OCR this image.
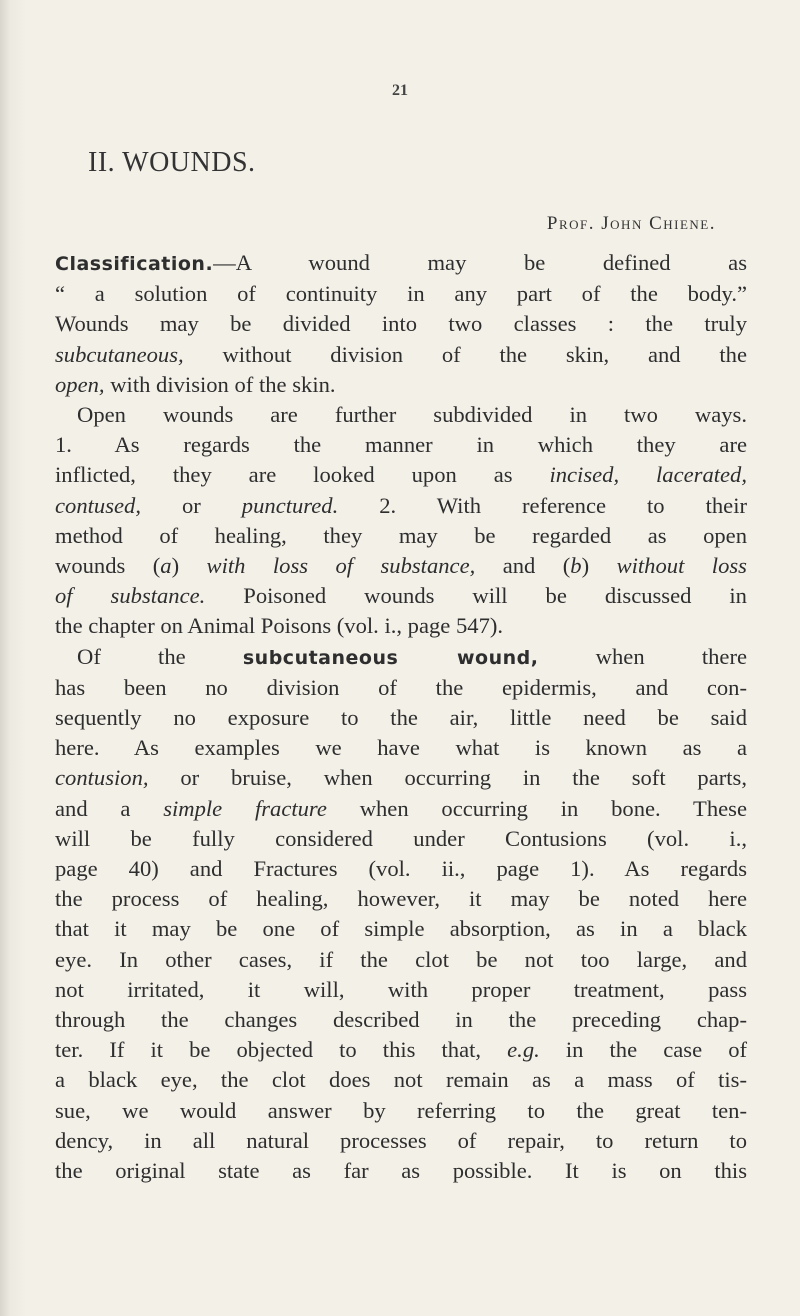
21
II. WOUNDS.
Prof. John Chiene.
Classification.—A wound may be defined as
“ a solution of continuity in any part of the body.”
Wounds may be divided into two classes : the truly
subcutaneous, without division of the skin, and the
open, with division of the skin.
Open wounds are further subdivided in two ways.
1. As regards the manner in which they are
inflicted, they are looked upon as incised, lacerated,
contused, or punctured. 2. With reference to their
method of healing, they may be regarded as open
wounds (a) with loss of substance, and (b) without loss
of substance. Poisoned wounds will be discussed in
the chapter on Animal Poisons (vol. i., page 547).
Of the subcutaneous wound, when there
has been no division of the epidermis, and con-
sequently no exposure to the air, little need be said
here. As examples we have what is known as a
contusion, or bruise, when occurring in the soft parts,
and a simple fracture when occurring in bone. These
will be fully considered under Contusions (vol. i.,
page 40) and Fractures (vol. ii., page 1). As regards
the process of healing, however, it may be noted here
that it may be one of simple absorption, as in a black
eye. In other cases, if the clot be not too large, and
not irritated, it will, with proper treatment, pass
through the changes described in the preceding chap-
ter. If it be objected to this that, e.g. in the case of
a black eye, the clot does not remain as a mass of tis-
sue, we would answer by referring to the great ten-
dency, in all natural processes of repair, to return to
the original state as far as possible. It is on this
